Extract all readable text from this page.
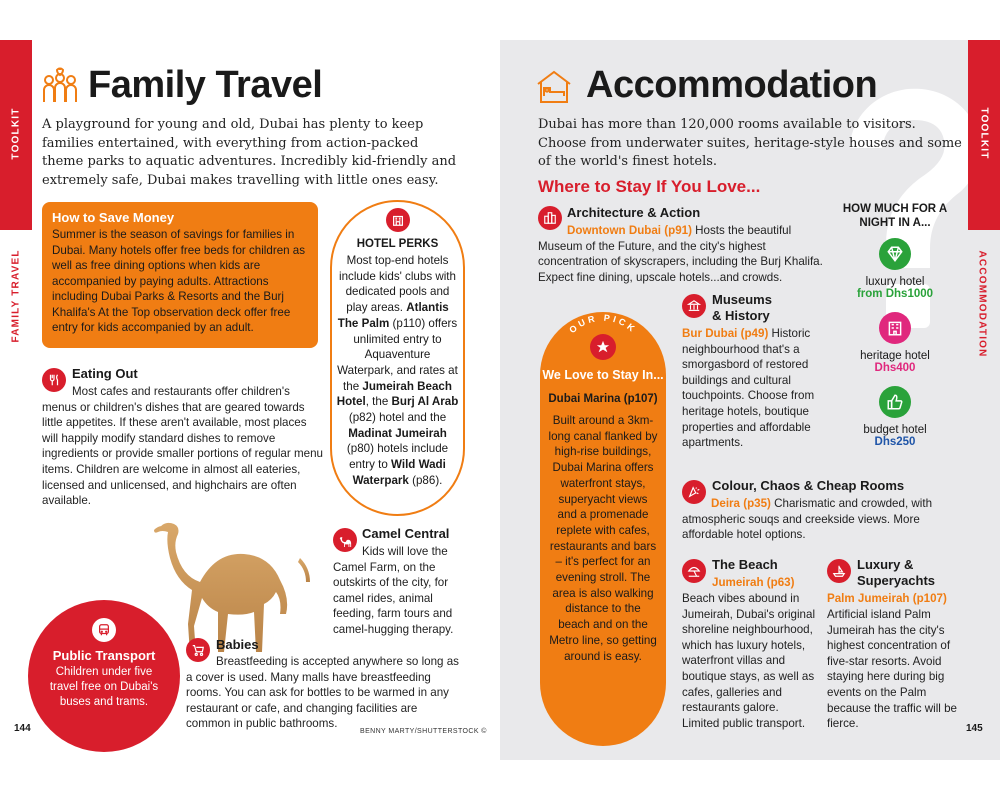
TOOLKIT
FAMILY TRAVEL
Family Travel
A playground for young and old, Dubai has plenty to keep families entertained, with everything from action-packed theme parks to aquatic adventures. Incredibly kid-friendly and extremely safe, Dubai makes travelling with little ones easy.
How to Save Money
Summer is the season of savings for families in Dubai. Many hotels offer free beds for children as well as free dining options when kids are accompanied by paying adults. Attractions including Dubai Parks & Resorts and the Burj Khalifa's At the Top observation deck offer free entry for kids accompanied by an adult.
HOTEL PERKS
Most top-end hotels include kids' clubs with dedicated pools and play areas. Atlantis The Palm (p110) offers unlimited entry to Aquaventure Waterpark, and rates at the Jumeirah Beach Hotel, the Burj Al Arab (p82) hotel and the Madinat Jumeirah (p80) hotels include entry to Wild Wadi Waterpark (p86).
Eating Out
Most cafes and restaurants offer children's menus or children's dishes that are geared towards little appetites. If these aren't available, most places will happily modify standard dishes to remove ingredients or provide smaller portions of regular menu items. Children are welcome in almost all eateries, licensed and unlicensed, and highchairs are often available.
Camel Central
Kids will love the Camel Farm, on the outskirts of the city, for camel rides, animal feeding, farm tours and camel-hugging therapy.
Babies
Breastfeeding is accepted anywhere so long as a cover is used. Many malls have breastfeeding rooms. You can ask for bottles to be warmed in any restaurant or cafe, and changing facilities are common in public bathrooms.
Public Transport
Children under five travel free on Dubai's buses and trams.
144	BENNY MARTY/SHUTTERSTOCK ©
TOOLKIT
ACCOMMODATION
Accommodation
Dubai has more than 120,000 rooms available to visitors. Choose from underwater suites, heritage-style houses and some of the world's finest hotels.
Where to Stay If You Love...
Architecture & Action
Downtown Dubai (p91) Hosts the beautiful Museum of the Future, and the city's highest concentration of skyscrapers, including the Burj Khalifa. Expect fine dining, upscale hotels...and crowds.
Museums
& History
Bur Dubai (p49) Historic neighbourhood that's a smorgasbord of restored buildings and cultural touchpoints. Choose from heritage hotels, boutique properties and affordable apartments.
OUR PICK
We Love to Stay In...
Dubai Marina (p107)
Built around a 3km-long canal flanked by high-rise buildings, Dubai Marina offers waterfront stays, superyacht views and a promenade replete with cafes, restaurants and bars – it's perfect for an evening stroll. The area is also walking distance to the beach and on the Metro line, so getting around is easy.
HOW MUCH FOR A NIGHT IN A...
luxury hotel
from Dhs1000
heritage hotel
Dhs400
budget hotel
Dhs250
Colour, Chaos & Cheap Rooms
Deira (p35) Charismatic and crowded, with atmospheric souqs and creekside views. More affordable hotel options.
The Beach
Jumeirah (p63)
Beach vibes abound in Jumeirah, Dubai's original shoreline neighbourhood, which has luxury hotels, waterfront villas and boutique stays, as well as cafes, galleries and restaurants galore. Limited public transport.
Luxury &
Superyachts
Palm Jumeirah (p107)
Artificial island Palm Jumeirah has the city's highest concentration of five-star resorts. Avoid staying here during big events on the Palm because the traffic will be fierce.	145
